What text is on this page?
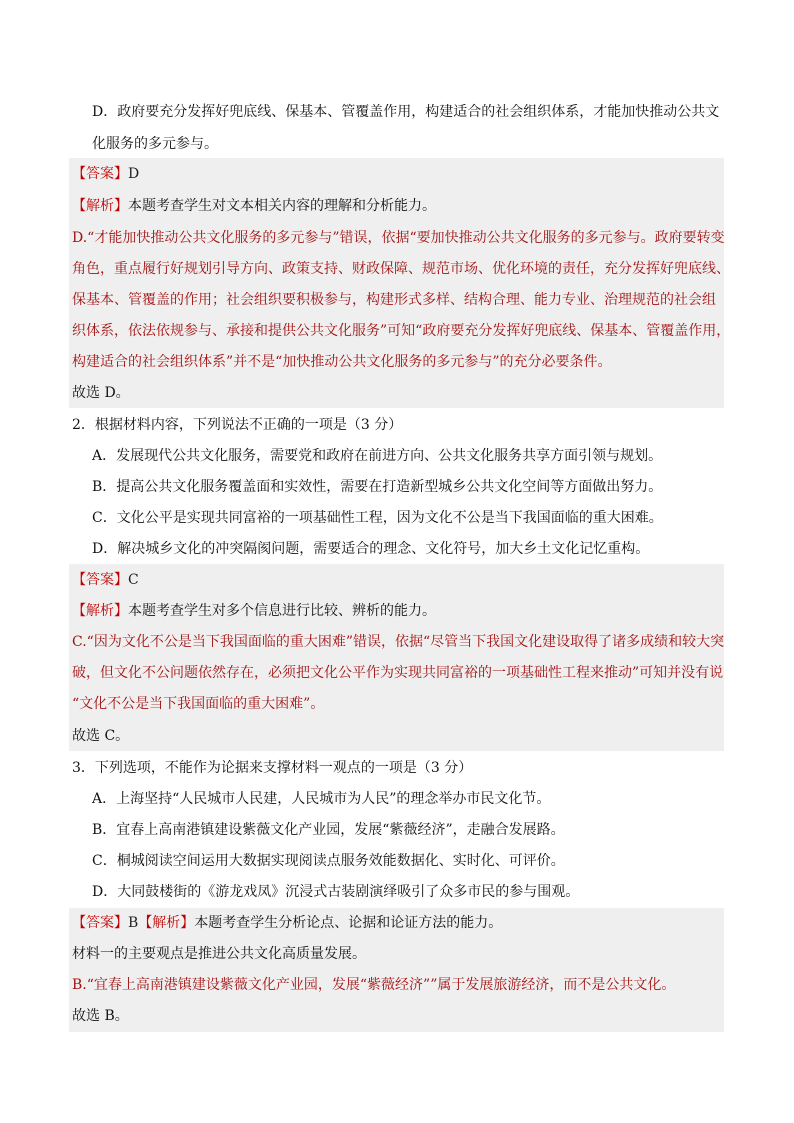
D．政府要充分发挥好兜底线、保基本、管覆盖作用，构建适合的社会组织体系，才能加快推动公共文
化服务的多元参与。
【答案】D
【解析】本题考查学生对文本相关内容的理解和分析能力。
D.“才能加快推动公共文化服务的多元参与”错误，依据“要加快推动公共文化服务的多元参与。政府要转变
角色，重点履行好规划引导方向、政策支持、财政保障、规范市场、优化环境的责任，充分发挥好兜底线、
保基本、管覆盖的作用；社会组织要积极参与，构建形式多样、结构合理、能力专业、治理规范的社会组
织体系，依法依规参与、承接和提供公共文化服务”可知“政府要充分发挥好兜底线、保基本、管覆盖作用，
构建适合的社会组织体系”并不是“加快推动公共文化服务的多元参与”的充分必要条件。
故选 D。
2．根据材料内容，下列说法不正确的一项是（3 分）
A．发展现代公共文化服务，需要党和政府在前进方向、公共文化服务共享方面引领与规划。
B．提高公共文化服务覆盖面和实效性，需要在打造新型城乡公共文化空间等方面做出努力。
C．文化公平是实现共同富裕的一项基础性工程，因为文化不公是当下我国面临的重大困难。
D．解决城乡文化的冲突隔阂问题，需要适合的理念、文化符号，加大乡土文化记忆重构。
【答案】C
【解析】本题考查学生对多个信息进行比较、辨析的能力。
C.“因为文化不公是当下我国面临的重大困难”错误，依据“尽管当下我国文化建设取得了诸多成绩和较大突
破，但文化不公问题依然存在，必须把文化公平作为实现共同富裕的一项基础性工程来推动”可知并没有说
“文化不公是当下我国面临的重大困难”。
故选 C。
3．下列选项，不能作为论据来支撑材料一观点的一项是（3 分）
A．上海坚持“人民城市人民建，人民城市为人民”的理念举办市民文化节。
B．宜春上高南港镇建设紫薇文化产业园，发展“紫薇经济”，走融合发展路。
C．桐城阅读空间运用大数据实现阅读点服务效能数据化、实时化、可评价。
D．大同鼓楼街的《游龙戏凤》沉浸式古装剧演绎吸引了众多市民的参与围观。
【答案】B【解析】本题考查学生分析论点、论据和论证方法的能力。
材料一的主要观点是推进公共文化高质量发展。
B.“宜春上高南港镇建设紫薇文化产业园，发展“紫薇经济””属于发展旅游经济，而不是公共文化。
故选 B。
